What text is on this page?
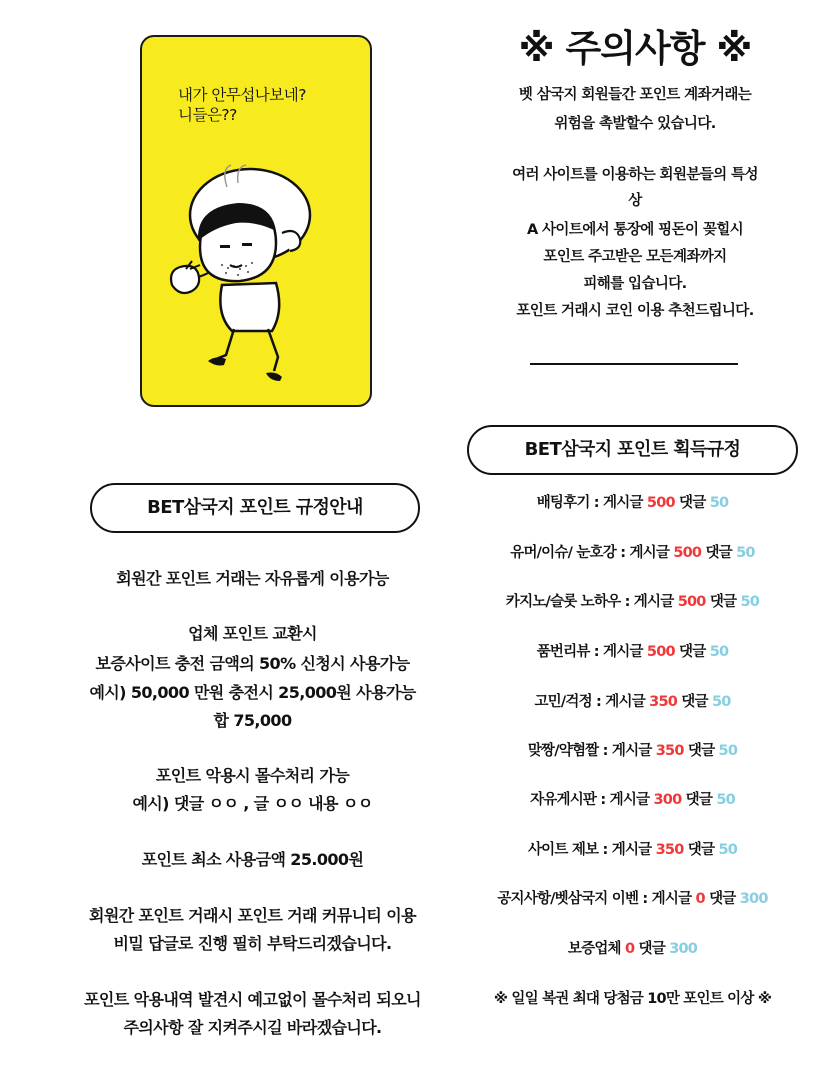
내가 안무섭나보네?
니들은??
※ 주의사항 ※
벳 삼국지 회원들간 포인트 계좌거래는
위험을 촉발할수 있습니다.
여러 사이트를 이용하는 회원분들의 특성
상
A 사이트에서 통장에 핑돈이 꽂힐시
포인트 주고받은 모든계좌까지
피해를 입습니다.
포인트 거래시 코인 이용 추천드립니다.
BET삼국지 포인트 획득규정
BET삼국지 포인트 규정안내
회원간 포인트 거래는 자유롭게 이용가능
업체 포인트 교환시
보증사이트 충전 금액의 50% 신청시 사용가능
예시) 50,000 만원 충전시 25,000원 사용가능
합 75,000
포인트 악용시 몰수처리 가능
예시) 댓글 ㅇㅇ , 글 ㅇㅇ 내용 ㅇㅇ
포인트 최소 사용금액 25.000원
회원간 포인트 거래시 포인트 거래 커뮤니티 이용
비밀 답글로 진행 필히 부탁드리겠습니다.
포인트 악용내역 발견시 예고없이 몰수처리 되오니
주의사항 잘 지켜주시길 바라겠습니다.
배팅후기 : 게시글 500 댓글 50
유머/이슈/ 눈호강 : 게시글 500 댓글 50
카지노/슬롯 노하우 : 게시글 500 댓글 50
품번리뷰 : 게시글 500 댓글 50
고민/걱정 : 게시글 350 댓글 50
맞짱/약혐짤 : 게시글 350 댓글 50
자유게시판 : 게시글 300 댓글 50
사이트 제보 : 게시글 350 댓글 50
공지사항/벳삼국지 이벤 : 게시글 0 댓글 300
보증업체 0 댓글 300
※ 일일 복권 최대 당첨금 10만 포인트 이상 ※
